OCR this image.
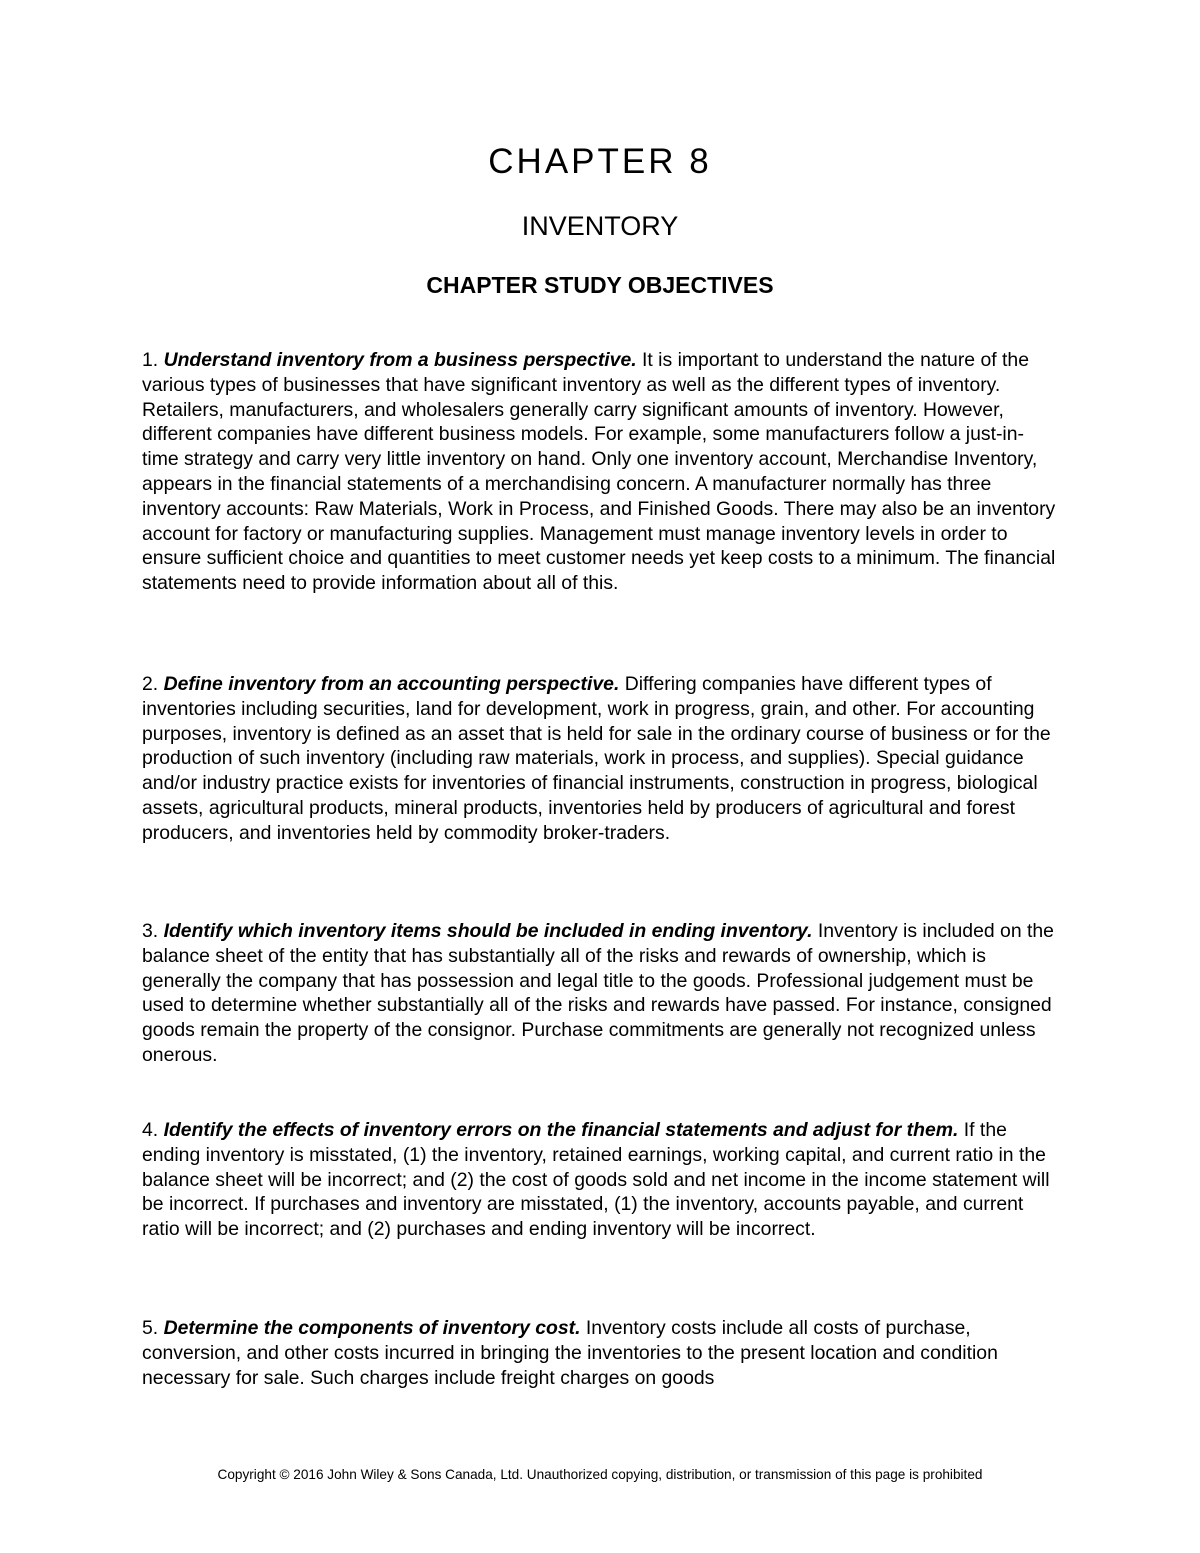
CHAPTER 8
INVENTORY
CHAPTER STUDY OBJECTIVES

1. Understand inventory from a business perspective. It is important to understand the nature of the various types of businesses that have significant inventory as well as the different types of inventory. Retailers, manufacturers, and wholesalers generally carry significant amounts of inventory. However, different companies have different business models. For example, some manufacturers follow a just-in-time strategy and carry very little inventory on hand. Only one inventory account, Merchandise Inventory, appears in the financial statements of a merchandising concern. A manufacturer normally has three inventory accounts: Raw Materials, Work in Process, and Finished Goods. There may also be an inventory account for factory or manufacturing supplies. Management must manage inventory levels in order to ensure sufficient choice and quantities to meet customer needs yet keep costs to a minimum. The financial statements need to provide information about all of this.

2. Define inventory from an accounting perspective. Differing companies have different types of inventories including securities, land for development, work in progress, grain, and other. For accounting purposes, inventory is defined as an asset that is held for sale in the ordinary course of business or for the production of such inventory (including raw materials, work in process, and supplies). Special guidance and/or industry practice exists for inventories of financial instruments, construction in progress, biological assets, agricultural products, mineral products, inventories held by producers of agricultural and forest producers, and inventories held by commodity broker-traders.

3. Identify which inventory items should be included in ending inventory. Inventory is included on the balance sheet of the entity that has substantially all of the risks and rewards of ownership, which is generally the company that has possession and legal title to the goods. Professional judgement must be used to determine whether substantially all of the risks and rewards have passed. For instance, consigned goods remain the property of the consignor. Purchase commitments are generally not recognized unless onerous.

4. Identify the effects of inventory errors on the financial statements and adjust for them. If the ending inventory is misstated, (1) the inventory, retained earnings, working capital, and current ratio in the balance sheet will be incorrect; and (2) the cost of goods sold and net income in the income statement will be incorrect. If purchases and inventory are misstated, (1) the inventory, accounts payable, and current ratio will be incorrect; and (2) purchases and ending inventory will be incorrect.

5. Determine the components of inventory cost. Inventory costs include all costs of purchase, conversion, and other costs incurred in bringing the inventories to the present location and condition necessary for sale. Such charges include freight charges on goods

Copyright © 2016 John Wiley & Sons Canada, Ltd. Unauthorized copying, distribution, or transmission of this page is prohibited
